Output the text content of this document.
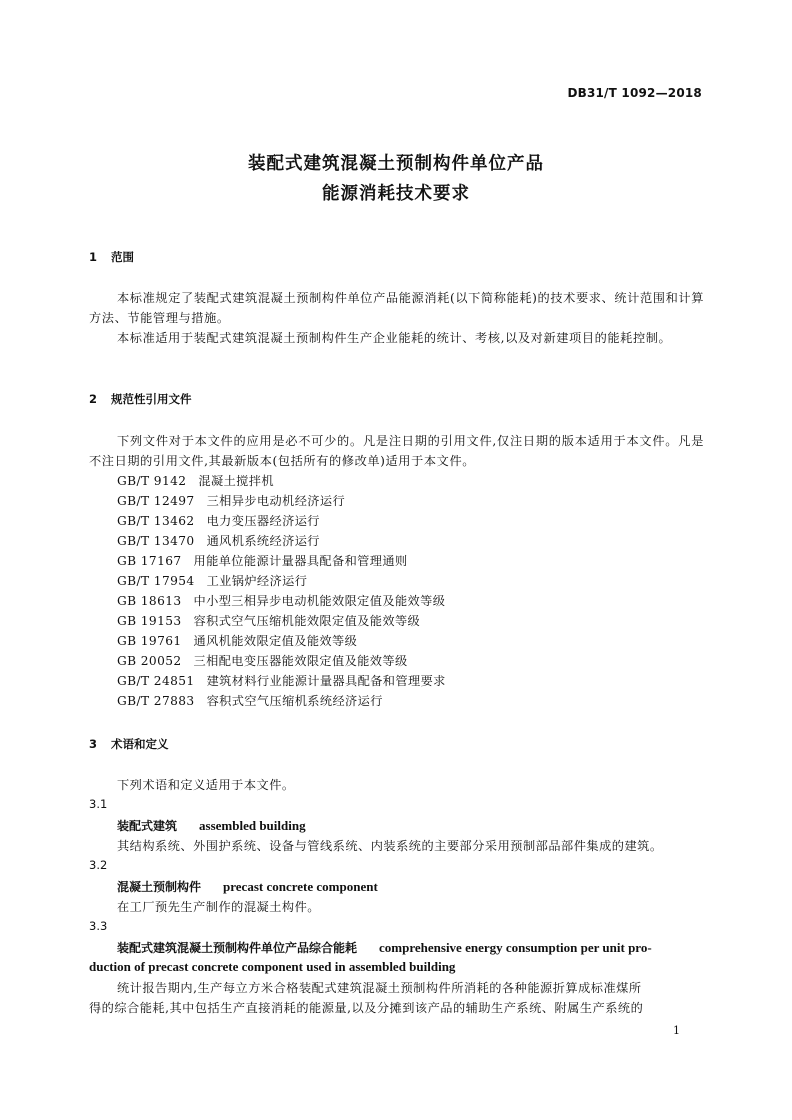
DB31/T 1092—2018
装配式建筑混凝土预制构件单位产品
能源消耗技术要求
1 范围
本标准规定了装配式建筑混凝土预制构件单位产品能源消耗(以下简称能耗)的技术要求、统计范围和计算方法、节能管理与措施。
本标准适用于装配式建筑混凝土预制构件生产企业能耗的统计、考核,以及对新建项目的能耗控制。
2 规范性引用文件
下列文件对于本文件的应用是必不可少的。凡是注日期的引用文件,仅注日期的版本适用于本文件。凡是不注日期的引用文件,其最新版本(包括所有的修改单)适用于本文件。
GB/T 9142 混凝土搅拌机
GB/T 12497 三相异步电动机经济运行
GB/T 13462 电力变压器经济运行
GB/T 13470 通风机系统经济运行
GB 17167 用能单位能源计量器具配备和管理通则
GB/T 17954 工业锅炉经济运行
GB 18613 中小型三相异步电动机能效限定值及能效等级
GB 19153 容积式空气压缩机能效限定值及能效等级
GB 19761 通风机能效限定值及能效等级
GB 20052 三相配电变压器能效限定值及能效等级
GB/T 24851 建筑材料行业能源计量器具配备和管理要求
GB/T 27883 容积式空气压缩机系统经济运行
3 术语和定义
下列术语和定义适用于本文件。
3.1
装配式建筑 assembled building
其结构系统、外围护系统、设备与管线系统、内装系统的主要部分采用预制部品部件集成的建筑。
3.2
混凝土预制构件 precast concrete component
在工厂预先生产制作的混凝土构件。
3.3
装配式建筑混凝土预制构件单位产品综合能耗 comprehensive energy consumption per unit pro-
duction of precast concrete component used in assembled building
统计报告期内,生产每立方米合格装配式建筑混凝土预制构件所消耗的各种能源折算成标准煤所
得的综合能耗,其中包括生产直接消耗的能源量,以及分摊到该产品的辅助生产系统、附属生产系统的
1
